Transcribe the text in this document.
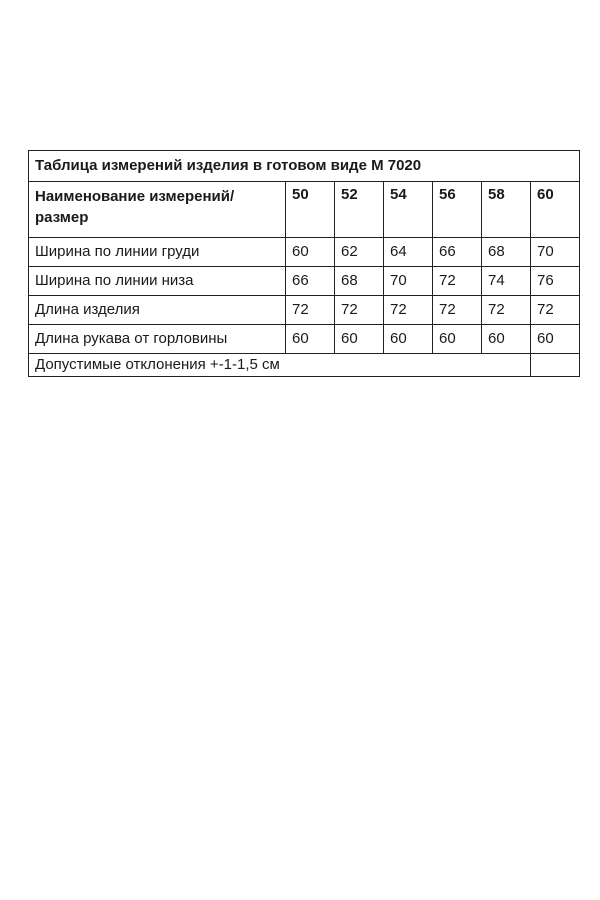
Таблица измерений изделия в готовом виде М 7020						
Наименование измерений/размер	50	52	54	56	58	60
Ширина по линии груди	60	62	64	66	68	70
Ширина по линии низа	66	68	70	72	74	76
Длина изделия	72	72	72	72	72	72
Длина рукава от горловины	60	60	60	60	60	60
Допустимые отклонения +-1-1,5 см						
